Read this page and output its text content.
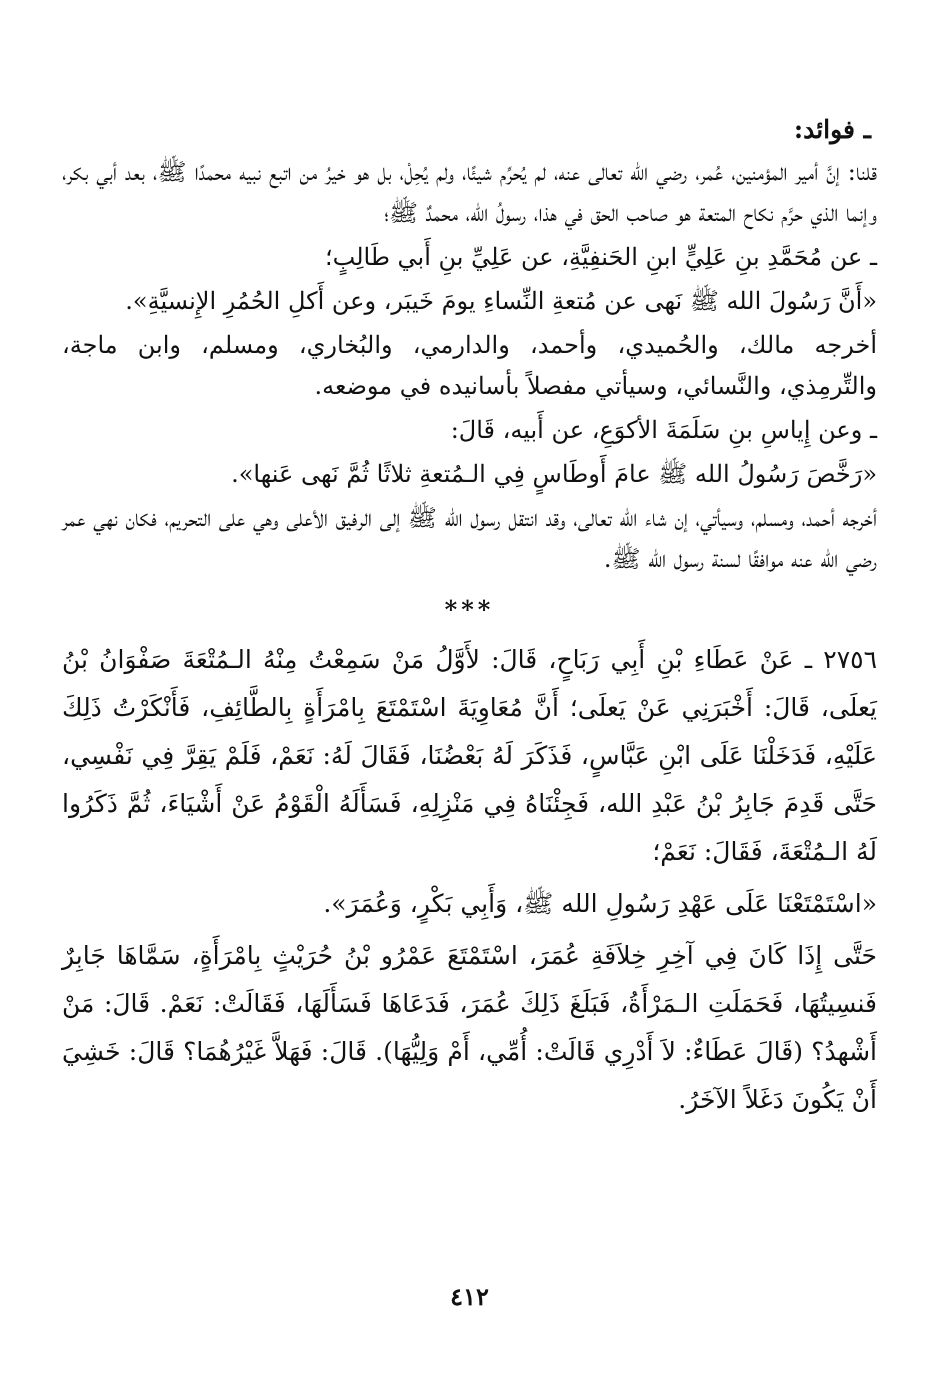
ـ فوائد:

قلنا: إنَّ أمير المؤمنين، عُمر، رضي الله تعالى عنه، لم يُحرِّم شيئًا، ولم يُحِلْ، بل هو خيرُ من اتبع نبيه محمدًا ﷺ، بعد أبي بكر، وإنما الذي حرَّم نكاح المتعة هو صاحب الحق في هذا، رسولُ الله، محمدٌ ﷺ؛

ـ عن مُحَمَّدِ بنِ عَلِيٍّ ابنِ الحَنفِيَّةِ، عن عَلِيِّ بنِ أَبي طَالِبٍ؛

«أَنَّ رَسُولَ الله ﷺ نَهى عن مُتعةِ النِّساءِ يومَ خَيبَر، وعن أَكلِ الحُمُرِ الإِنسيَّةِ».

أخرجه مالك، والحُميدي، وأحمد، والدارمي، والبُخاري، ومسلم، وابن ماجة، والتِّرمِذي، والنَّسائي، وسيأتي مفصلاً بأسانيده في موضعه.

ـ وعن إِياسِ بنِ سَلَمَةَ الأكوَعِ، عن أَبيه، قَالَ:

«رَخَّصَ رَسُولُ الله ﷺ عامَ أَوطَاسٍ فِي الـمُتعةِ ثلاثًا ثُمَّ نَهى عَنها».

أخرجه أحمد، ومسلم، وسيأتي، إن شاء الله تعالى، وقد انتقل رسول الله ﷺ إلى الرفيق الأعلى وهي على التحريم، فكان نهي عمر رضي الله عنه موافقًا لسنة رسول الله ﷺ.

***

٢٧٥٦ ـ عَنْ عَطَاءِ بْنِ أَبِي رَبَاحٍ، قَالَ: لأَوَّلُ مَنْ سَمِعْتُ مِنْهُ الـمُتْعَةَ صَفْوَانُ بْنُ يَعلَى، قَالَ: أَخْبَرَنِي عَنْ يَعلَى؛ أَنَّ مُعَاوِيَةَ اسْتَمْتَعَ بِامْرَأَةٍ بِالطَّائِفِ، فَأَنْكَرْتُ ذَلِكَ عَلَيْهِ، فَدَخَلْنَا عَلَى ابْنِ عَبَّاسٍ، فَذَكَرَ لَهُ بَعْضُنَا، فَقَالَ لَهُ: نَعَمْ، فَلَمْ يَقِرَّ فِي نَفْسِي، حَتَّى قَدِمَ جَابِرُ بْنُ عَبْدِ الله، فَجِئْنَاهُ فِي مَنْزِلِهِ، فَسَأَلَهُ الْقَوْمُ عَنْ أَشْيَاءَ، ثُمَّ ذَكَرُوا لَهُ الـمُتْعَةَ، فَقَالَ: نَعَمْ؛

«اسْتَمْتَعْنَا عَلَى عَهْدِ رَسُولِ الله ﷺ، وَأَبِي بَكْرٍ، وَعُمَرَ».

حَتَّى إِذَا كَانَ فِي آخِرِ خِلاَفَةِ عُمَرَ، اسْتَمْتَعَ عَمْرُو بْنُ حُرَيْثٍ بِامْرَأَةٍ، سَمَّاهَا جَابِرٌ فَنسِيتُهَا، فَحَمَلَتِ الـمَرْأَةُ، فَبَلَغَ ذَلِكَ عُمَرَ، فَدَعَاهَا فَسَأَلَهَا، فَقَالَتْ: نَعَمْ. قَالَ: مَنْ أَشْهدُ؟ (قَالَ عَطَاءٌ: لاَ أَدْرِي قَالَتْ: أُمِّي، أَمْ وَلِيُّهَا). قَالَ: فَهَلاَّ غَيْرُهُمَا؟ قَالَ: خَشِيَ أَنْ يَكُونَ دَغَلاً الآخَرُ.

٤١٢
